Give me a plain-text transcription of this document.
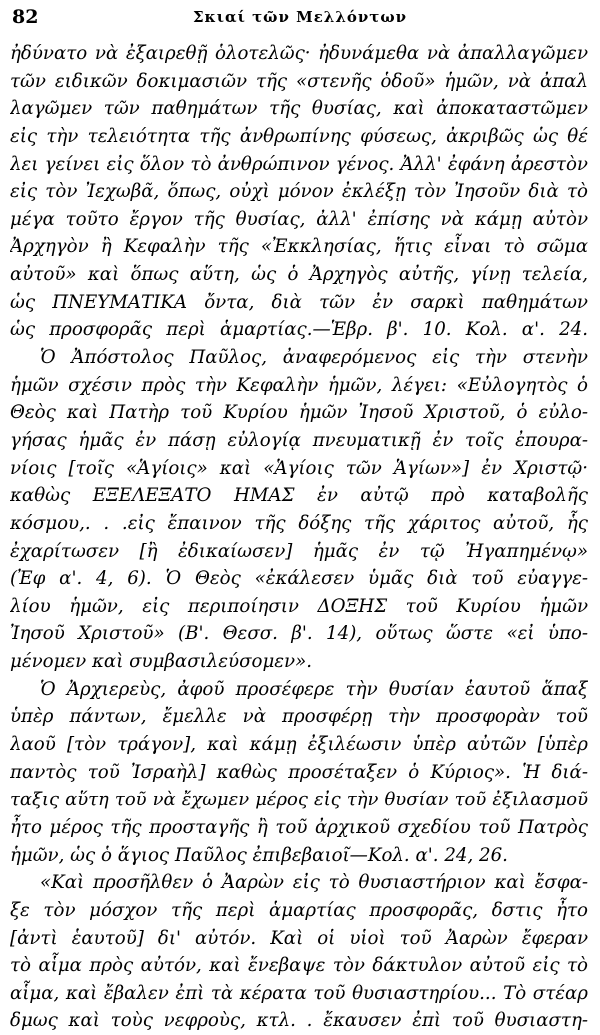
82	Σκιαί τῶν Μελλόντων
ἠδύνατο νὰ ἐξαιρεθῇ ὁλοτελῶς· ἠδυνάμεθα νὰ ἀπαλλαγῶμεν
τῶν ειδικῶν δοκιμασιῶν τῆς «στενῆς ὁδοῦ» ἡμῶν, νὰ ἀπαλ
λαγῶμεν τῶν παθημάτων τῆς θυσίας, καὶ ἀποκαταστῶμεν
εἰς τὴν τελειότητα τῆς ἀνθρωπίνης φύσεως, ἀκριβῶς ὡς θέ
λει γείνει εἰς ὅλον τὸ ἀνθρώπινον γένος. Ἀλλ' ἐφάνη ἀρεστὸν
εἰς τὸν Ἰεχωβᾶ, ὅπως, οὐχὶ μόνον ἐκλέξῃ τὸν Ἰησοῦν διὰ τὸ
μέγα τοῦτο ἔργον τῆς θυσίας, ἀλλ' ἐπίσης νὰ κάμῃ αὐτὸν
Ἀρχηγὸν ἢ Κεφαλὴν τῆς «Ἐκκλησίας, ἥτις εἶναι τὸ σῶμα
αὐτοῦ» καὶ ὅπως αὕτη, ὡς ὁ Ἀρχηγὸς αὐτῆς, γίνῃ τελεία,
ὡς ΠΝΕΥΜΑΤΙΚΑ ὄντα, διὰ τῶν ἐν σαρκὶ παθημάτων
ὡς προσφορᾶς περὶ ἁμαρτίας.—Ἑβρ. β'. 10. Κολ. α'. 24.
Ὁ Ἀπόστολος Παῦλος, ἀναφερόμενος εἰς τὴν στενὴν
ἡμῶν σχέσιν πρὸς τὴν Κεφαλὴν ἡμῶν, λέγει: «Εὐλογητὸς ὁ
Θεὸς καὶ Πατὴρ τοῦ Κυρίου ἡμῶν Ἰησοῦ Χριστοῦ, ὁ εὐλο-
γήσας ἡμᾶς ἐν πάσῃ εὐλογίᾳ πνευματικῇ ἐν τοῖς ἐπουρα-
νίοις [τοῖς «Ἁγίοις» καὶ «Ἁγίοις τῶν Ἁγίων»] ἐν Χριστῷ·
καθὼς ΕΞΕΛΕΞΑΤΟ ΗΜΑΣ ἐν αὐτῷ πρὸ καταβολῆς
κόσμου,. . .εἰς ἔπαινον τῆς δόξης τῆς χάριτος αὐτοῦ, ἧς
ἐχαρίτωσεν [ἢ ἐδικαίωσεν] ἡμᾶς ἐν τῷ Ἠγαπημένῳ»
(Ἐφ α'. 4, 6). Ὁ Θεὸς «ἐκάλεσεν ὑμᾶς διὰ τοῦ εὐαγγε-
λίου ἡμῶν, εἰς περιποίησιν ΔΟΞΗΣ τοῦ Κυρίου ἡμῶν
Ἰησοῦ Χριστοῦ» (Β'. Θεσσ. β'. 14), οὕτως ὥστε «εἰ ὑπο-
μένομεν καὶ συμβασιλεύσομεν».
Ὁ Ἀρχιερεὺς, ἀφοῦ προσέφερε τὴν θυσίαν ἑαυτοῦ ἅπαξ
ὑπὲρ πάντων, ἔμελλε νὰ προσφέρῃ τὴν προσφορὰν τοῦ
λαοῦ [τὸν τράγον], καὶ κάμῃ ἐξιλέωσιν ὑπὲρ αὐτῶν [ὑπὲρ
παντὸς τοῦ Ἰσραὴλ] καθὼς προσέταξεν ὁ Κύριος». Ἡ διά-
ταξις αὕτη τοῦ νὰ ἔχωμεν μέρος εἰς τὴν θυσίαν τοῦ ἐξιλασμοῦ
ἦτο μέρος τῆς προσταγῆς ἢ τοῦ ἀρχικοῦ σχεδίου τοῦ Πατρὸς
ἡμῶν, ὡς ὁ ἅγιος Παῦλος ἐπιβεβαιοῖ—Κολ. α'. 24, 26.
«Καὶ προσῆλθεν ὁ Ἀαρὼν εἰς τὸ θυσιαστήριον καὶ ἔσφα-
ξε τὸν μόσχον τῆς περὶ ἁμαρτίας προσφορᾶς, δστις ἦτο
[ἀντὶ ἑαυτοῦ] δι' αὐτόν. Καὶ οἱ υἱοὶ τοῦ Ἀαρὼν ἔφεραν
τὸ αἷμα πρὸς αὐτόν, καὶ ἔνεβαψε τὸν δάκτυλον αὐτοῦ εἰς τὸ
αἷμα, καὶ ἔβαλεν ἐπὶ τὰ κέρατα τοῦ θυσιαστηρίου... Τὸ στέαρ
δμως καὶ τοὺς νεφροὺς, κτλ. . ἔκαυσεν ἐπὶ τοῦ θυσιαστη-
